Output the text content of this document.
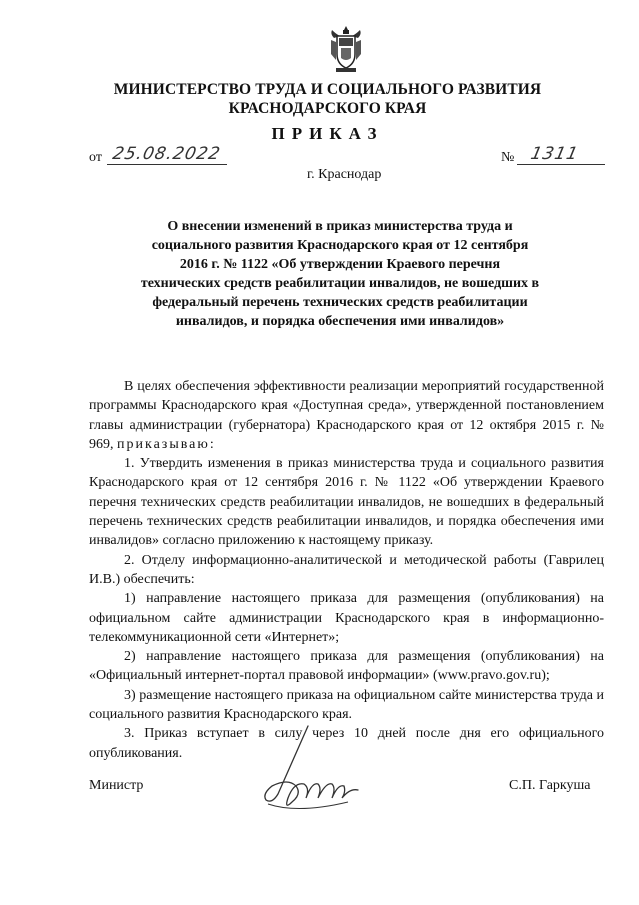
МИНИСТЕРСТВО ТРУДА И СОЦИАЛЬНОГО РАЗВИТИЯ
КРАСНОДАРСКОГО КРАЯ
ПРИКАЗ
от 25.08.2022	№ 1311
г. Краснодар
О внесении изменений в приказ министерства труда и социального развития Краснодарского края от 12 сентября 2016 г. № 1122 «Об утверждении Краевого перечня технических средств реабилитации инвалидов, не вошедших в федеральный перечень технических средств реабилитации инвалидов, и порядка обеспечения ими инвалидов»

В целях обеспечения эффективности реализации мероприятий государственной программы Краснодарского края «Доступная среда», утвержденной постановлением главы администрации (губернатора) Краснодарского края от 12 октября 2015 г. № 969, приказываю:

1. Утвердить изменения в приказ министерства труда и социального развития Краснодарского края от 12 сентября 2016 г. № 1122 «Об утверждении Краевого перечня технических средств реабилитации инвалидов, не вошедших в федеральный перечень технических средств реабилитации инвалидов, и порядка обеспечения ими инвалидов» согласно приложению к настоящему приказу.

2. Отделу информационно-аналитической и методической работы (Гаврилец И.В.) обеспечить:

1) направление настоящего приказа для размещения (опубликования) на официальном сайте администрации Краснодарского края в информационно-телекоммуникационной сети «Интернет»;

2) направление настоящего приказа для размещения (опубликования) на «Официальный интернет-портал правовой информации» (www.pravo.gov.ru);

3) размещение настоящего приказа на официальном сайте министерства труда и социального развития Краснодарского края.

3. Приказ вступает в силу через 10 дней после дня его официального опубликования.

Министр	С.П. Гаркуша
